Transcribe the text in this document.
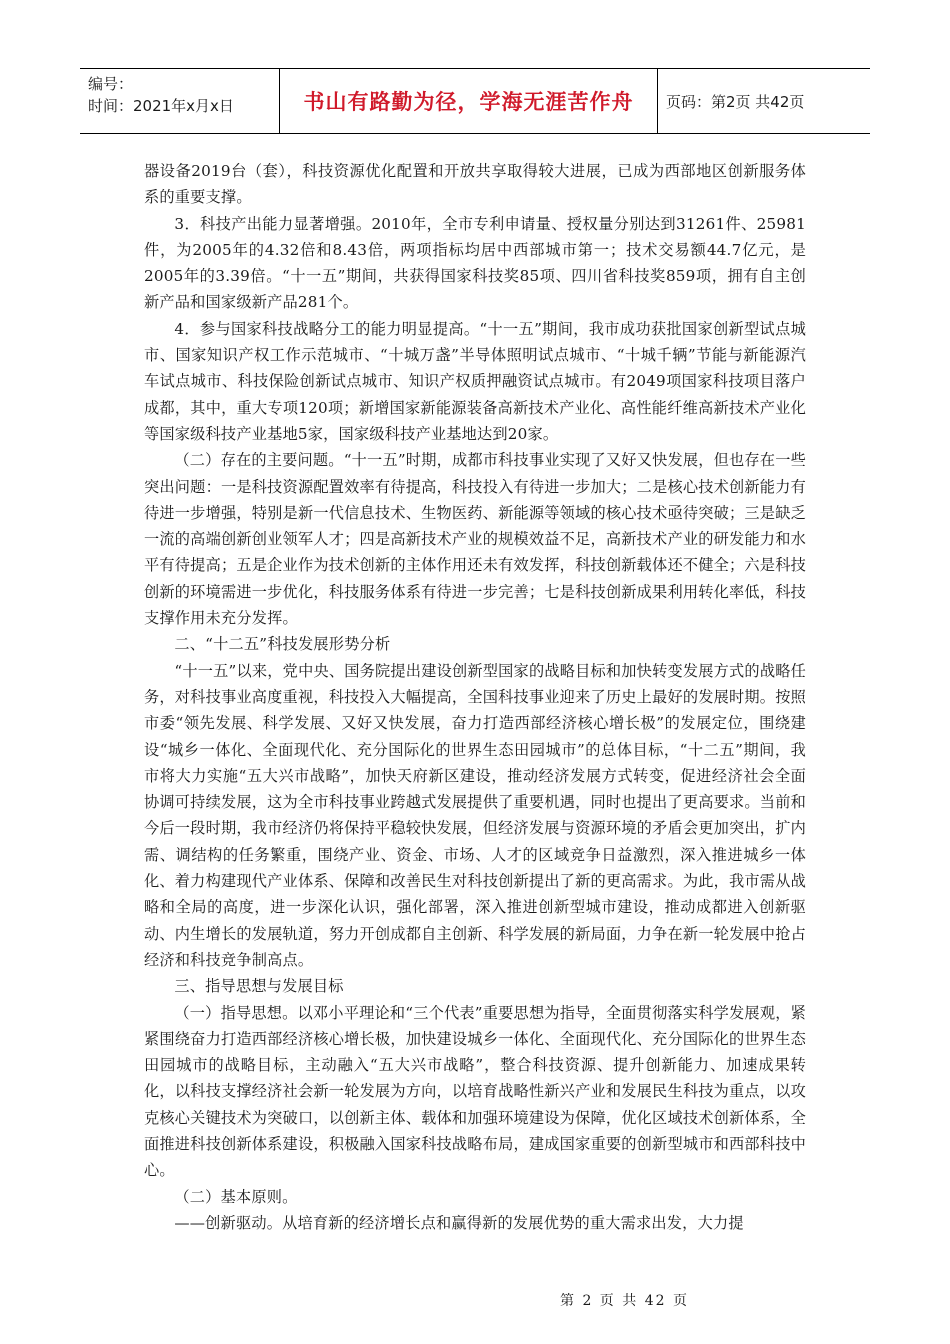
编号：
时间：2021年x月x日	书山有路勤为径，学海无涯苦作舟 页码：第2页 共42页

器设备2019台（套），科技资源优化配置和开放共享取得较大进展，已成为西部地区创新服务体系的重要支撑。

3．科技产出能力显著增强。2010年，全市专利申请量、授权量分别达到31261件、25981件，为2005年的4.32倍和8.43倍，两项指标均居中西部城市第一；技术交易额44.7亿元，是2005年的3.39倍。“十一五”期间，共获得国家科技奖85项、四川省科技奖859项，拥有自主创新产品和国家级新产品281个。

4．参与国家科技战略分工的能力明显提高。“十一五”期间，我市成功获批国家创新型试点城市、国家知识产权工作示范城市、“十城万盏”半导体照明试点城市、“十城千辆”节能与新能源汽车试点城市、科技保险创新试点城市、知识产权质押融资试点城市。有2049项国家科技项目落户成都，其中，重大专项120项；新增国家新能源装备高新技术产业化、高性能纤维高新技术产业化等国家级科技产业基地5家，国家级科技产业基地达到20家。

（二）存在的主要问题。“十一五”时期，成都市科技事业实现了又好又快发展，但也存在一些突出问题：一是科技资源配置效率有待提高，科技投入有待进一步加大；二是核心技术创新能力有待进一步增强，特别是新一代信息技术、生物医药、新能源等领域的核心技术亟待突破；三是缺乏一流的高端创新创业领军人才；四是高新技术产业的规模效益不足，高新技术产业的研发能力和水平有待提高；五是企业作为技术创新的主体作用还未有效发挥，科技创新载体还不健全；六是科技创新的环境需进一步优化，科技服务体系有待进一步完善；七是科技创新成果利用转化率低，科技支撑作用未充分发挥。

二、“十二五”科技发展形势分析

“十一五”以来，党中央、国务院提出建设创新型国家的战略目标和加快转变发展方式的战略任务，对科技事业高度重视，科技投入大幅提高，全国科技事业迎来了历史上最好的发展时期。按照市委“领先发展、科学发展、又好又快发展，奋力打造西部经济核心增长极”的发展定位，围绕建设“城乡一体化、全面现代化、充分国际化的世界生态田园城市”的总体目标，“十二五”期间，我市将大力实施“五大兴市战略”，加快天府新区建设，推动经济发展方式转变，促进经济社会全面协调可持续发展，这为全市科技事业跨越式发展提供了重要机遇，同时也提出了更高要求。当前和今后一段时期，我市经济仍将保持平稳较快发展，但经济发展与资源环境的矛盾会更加突出，扩内需、调结构的任务繁重，围绕产业、资金、市场、人才的区域竞争日益激烈，深入推进城乡一体化、着力构建现代产业体系、保障和改善民生对科技创新提出了新的更高需求。为此，我市需从战略和全局的高度，进一步深化认识，强化部署，深入推进创新型城市建设，推动成都进入创新驱动、内生增长的发展轨道，努力开创成都自主创新、科学发展的新局面，力争在新一轮发展中抢占经济和科技竞争制高点。

三、指导思想与发展目标

（一）指导思想。以邓小平理论和“三个代表”重要思想为指导，全面贯彻落实科学发展观，紧紧围绕奋力打造西部经济核心增长极，加快建设城乡一体化、全面现代化、充分国际化的世界生态田园城市的战略目标，主动融入“五大兴市战略”，整合科技资源、提升创新能力、加速成果转化，以科技支撑经济社会新一轮发展为方向，以培育战略性新兴产业和发展民生科技为重点，以攻克核心关键技术为突破口，以创新主体、载体和加强环境建设为保障，优化区域技术创新体系，全面推进科技创新体系建设，积极融入国家科技战略布局，建成国家重要的创新型城市和西部科技中心。

（二）基本原则。

——创新驱动。从培育新的经济增长点和赢得新的发展优势的重大需求出发，大力提

第 2 页 共 42 页
